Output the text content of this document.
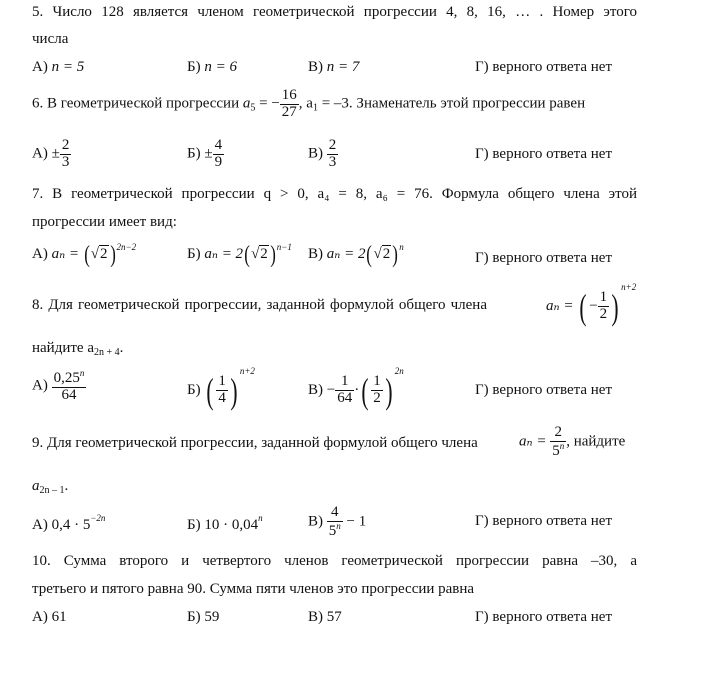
5. Число 128 является членом геометрической прогрессии 4, 8, 16, … . Номер этого
числа
А) n = 5	Б) n = 6	В) n = 7	Г) верного ответа нет
6. В геометрической прогрессии $a_5$ = − $\frac{16}{27}$ , $a_1 = -3$. Знаменатель этой прогрессии равен
$А) \pm \frac{2}{3}$	$Б) \pm \frac{4}{9}$	$В) \frac{2}{3}$	Г) верного ответа нет
7. В геометрической прогрессии q > 0, a₄ = 8, a₆ = 76. Формула общего члена этой
прогрессии имеет вид:
А) $a_n = (√2)^{2n-2}$	Б) $a_n = 2(√2)^{n-1}$ В) $a_n = 2(√2)^n$
Г) верного ответа нет
8. Для геометрической прогрессии, заданной формулой общего члена	aₙ = ( − $\frac{1}{2}$ ) $^{n+2}$
найдите $a_{2n + 4}$.
$А) \frac{0,25^n}{64}$	Б) ( $\frac{1}{4}$ ) $^{n+2}$
$В) - \frac{1}{64}$ ·( $\frac{1}{2}$ ) $^{2n}$
Г) верного ответа нет
9. Для геометрической прогрессии, заданной формулой общего члена	$a_n = \frac{2}{5^n}$ , найдите
$a_{2n - 1}$.
А) $0,4 \cdot 5^{-2n}$	Б) $10 \cdot 0,04^n$	$В) \frac{4}{5^n} - 1$	Г) верного ответа нет
10. Сумма второго и четвертого членов геометрической прогрессии равна –30, а
третьего и пятого равна 90. Сумма пяти членов это прогрессии равна
А) 61	Б) 59	В) 57	Г) верного ответа нет
